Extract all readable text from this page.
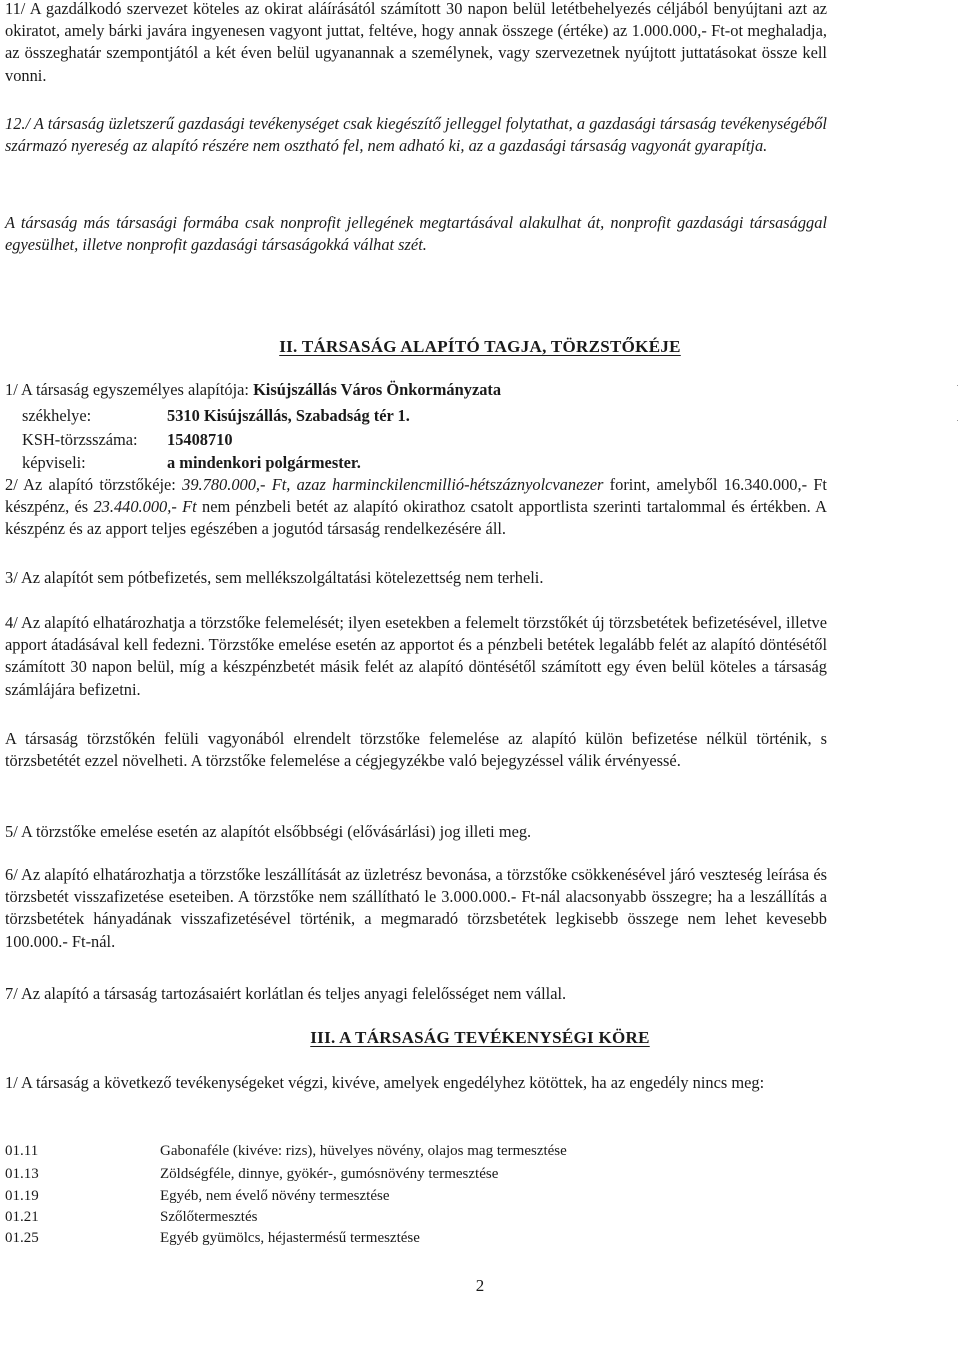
11/ A gazdálkodó szervezet köteles az okirat aláírásától számított 30 napon belül letétbehelyezés céljából benyújtani azt az okiratot, amely bárki javára ingyenesen vagyont juttat, feltéve, hogy annak összege (értéke) az 1.000.000,- Ft-ot meghaladja, az összeghatár szempontjától a két éven belül ugyanannak a személynek, vagy szervezetnek nyújtott juttatásokat össze kell vonni.
12./ A társaság üzletszerű gazdasági tevékenységet csak kiegészítő jelleggel folytathat, a gazdasági társaság tevékenységéből származó nyereség az alapító részére nem osztható fel, nem adható ki, az a gazdasági társaság vagyonát gyarapítja.
A társaság más társasági formába csak nonprofit jellegének megtartásával alakulhat át, nonprofit gazdasági társasággal egyesülhet, illetve nonprofit gazdasági társaságokká válhat szét.
II. TÁRSASÁG ALAPÍTÓ TAGJA, TÖRZSTŐKÉJE
1/ A társaság egyszemélyes alapítója: Kisújszállás Város Önkormányzata
székhelye:	5310 Kisújszállás, Szabadság tér 1.
KSH-törzsszáma: 15408710
képviseli:	a mindenkori polgármester.
2/ Az alapító törzstőkéje: 39.780.000,- Ft, azaz harminckilencmillió-hétszáznyolcvanezer forint, amelyből 16.340.000,- Ft készpénz, és 23.440.000,- Ft nem pénzbeli betét az alapító okirathoz csatolt apportlista szerinti tartalommal és értékben. A készpénz és az apport teljes egészében a jogutód társaság rendelkezésére áll.
3/ Az alapítót sem pótbefizetés, sem mellékszolgáltatási kötelezettség nem terheli.
4/ Az alapító elhatározhatja a törzstőke felemelését; ilyen esetekben a felemelt törzstőkét új törzsbetétek befizetésével, illetve apport átadásával kell fedezni. Törzstőke emelése esetén az apportot és a pénzbeli betétek legalább felét az alapító döntésétől számított 30 napon belül, míg a készpénzbetét másik felét az alapító döntésétől számított egy éven belül köteles a társaság számlájára befizetni.
A társaság törzstőkén felüli vagyonából elrendelt törzstőke felemelése az alapító külön befizetése nélkül történik, s törzsbetétét ezzel növelheti. A törzstőke felemelése a cégjegyzékbe való bejegyzéssel válik érvényessé.
5/ A törzstőke emelése esetén az alapítót elsőbbségi (elővásárlási) jog illeti meg.
6/ Az alapító elhatározhatja a törzstőke leszállítását az üzletrész bevonása, a törzstőke csökkenésével járó veszteség leírása és törzsbetét visszafizetése eseteiben. A törzstőke nem szállítható le 3.000.000.- Ft-nál alacsonyabb összegre; ha a leszállítás a törzsbetétek hányadának visszafizetésével történik, a megmaradó törzsbetétek legkisebb összege nem lehet kevesebb 100.000.- Ft-nál.
7/ Az alapító a társaság tartozásaiért korlátlan és teljes anyagi felelősséget nem vállal.
III. A TÁRSASÁG TEVÉKENYSÉGI KÖRE
1/ A társaság a következő tevékenységeket végzi, kivéve, amelyek engedélyhez kötöttek, ha az engedély nincs meg:
01.11	Gabonaféle (kivéve: rizs), hüvelyes növény, olajos mag termesztése
01.13	Zöldségféle, dinnye, gyökér-, gumósnövény termesztése
01.19	Egyéb, nem évelő növény termesztése
01.21	Szőlőtermesztés
01.25	Egyéb gyümölcs, héjastermésű termesztése
2
